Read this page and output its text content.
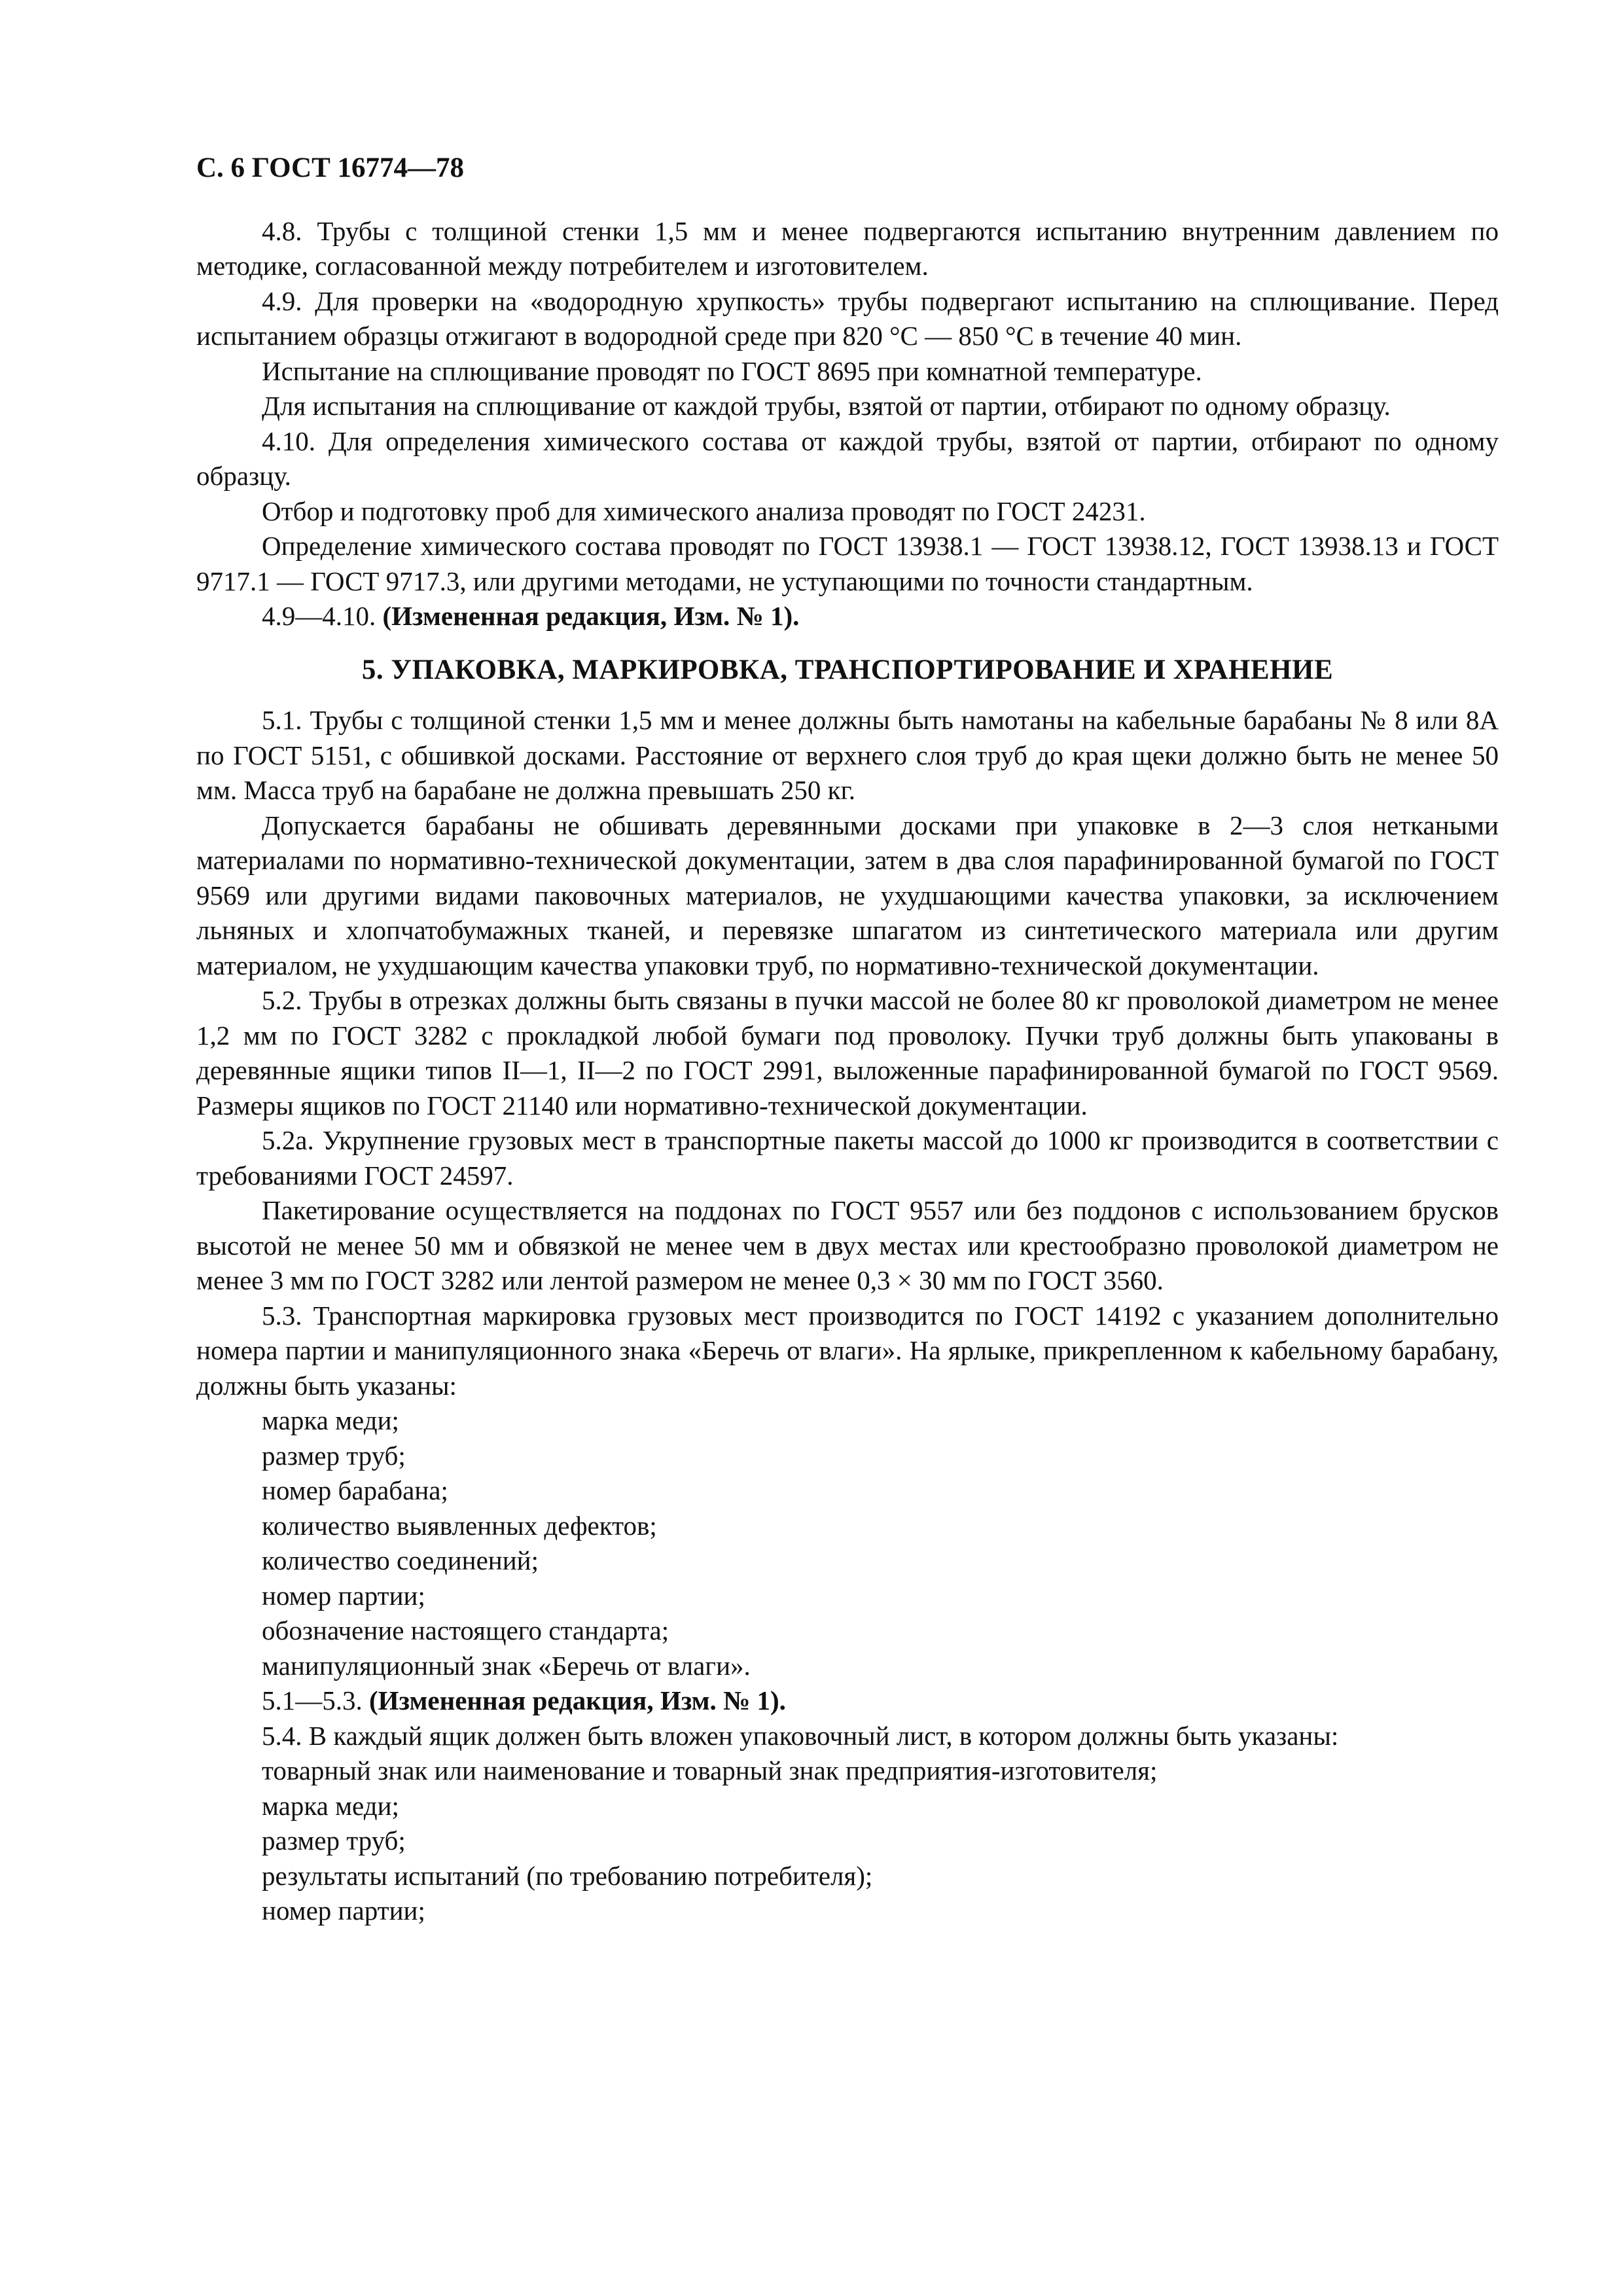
С. 6 ГОСТ 16774—78

4.8. Трубы с толщиной стенки 1,5 мм и менее подвергаются испытанию внутренним давлением по методике, согласованной между потребителем и изготовителем.

4.9. Для проверки на «водородную хрупкость» трубы подвергают испытанию на сплющивание. Перед испытанием образцы отжигают в водородной среде при 820 °С — 850 °С в течение 40 мин.

Испытание на сплющивание проводят по ГОСТ 8695 при комнатной температуре.

Для испытания на сплющивание от каждой трубы, взятой от партии, отбирают по одному образцу.

4.10. Для определения химического состава от каждой трубы, взятой от партии, отбирают по одному образцу.

Отбор и подготовку проб для химического анализа проводят по ГОСТ 24231.

Определение химического состава проводят по ГОСТ 13938.1 — ГОСТ 13938.12, ГОСТ 13938.13 и ГОСТ 9717.1 — ГОСТ 9717.3, или другими методами, не уступающими по точности стандартным.

4.9—4.10. (Измененная редакция, Изм. № 1).

5. УПАКОВКА, МАРКИРОВКА, ТРАНСПОРТИРОВАНИЕ И ХРАНЕНИЕ

5.1. Трубы с толщиной стенки 1,5 мм и менее должны быть намотаны на кабельные барабаны № 8 или 8А по ГОСТ 5151, с обшивкой досками. Расстояние от верхнего слоя труб до края щеки должно быть не менее 50 мм. Масса труб на барабане не должна превышать 250 кг.

Допускается барабаны не обшивать деревянными досками при упаковке в 2—3 слоя неткаными материалами по нормативно-технической документации, затем в два слоя парафинированной бумагой по ГОСТ 9569 или другими видами паковочных материалов, не ухудшающими качества упаковки, за исключением льняных и хлопчатобумажных тканей, и перевязке шпагатом из синтетического материала или другим материалом, не ухудшающим качества упаковки труб, по нормативно-технической документации.

5.2. Трубы в отрезках должны быть связаны в пучки массой не более 80 кг проволокой диаметром не менее 1,2 мм по ГОСТ 3282 с прокладкой любой бумаги под проволоку. Пучки труб должны быть упакованы в деревянные ящики типов II—1, II—2 по ГОСТ 2991, выложенные парафинированной бумагой по ГОСТ 9569. Размеры ящиков по ГОСТ 21140 или нормативно-технической документации.

5.2а. Укрупнение грузовых мест в транспортные пакеты массой до 1000 кг производится в соответствии с требованиями ГОСТ 24597.

Пакетирование осуществляется на поддонах по ГОСТ 9557 или без поддонов с использованием брусков высотой не менее 50 мм и обвязкой не менее чем в двух местах или крестообразно проволокой диаметром не менее 3 мм по ГОСТ 3282 или лентой размером не менее 0,3 × 30 мм по ГОСТ 3560.

5.3. Транспортная маркировка грузовых мест производится по ГОСТ 14192 с указанием дополнительно номера партии и манипуляционного знака «Беречь от влаги». На ярлыке, прикрепленном к кабельному барабану, должны быть указаны:

марка меди;

размер труб;

номер барабана;

количество выявленных дефектов;

количество соединений;

номер партии;

обозначение настоящего стандарта;

манипуляционный знак «Беречь от влаги».

5.1—5.3. (Измененная редакция, Изм. № 1).

5.4. В каждый ящик должен быть вложен упаковочный лист, в котором должны быть указаны:

товарный знак или наименование и товарный знак предприятия-изготовителя;

марка меди;

размер труб;

результаты испытаний (по требованию потребителя);

номер партии;
